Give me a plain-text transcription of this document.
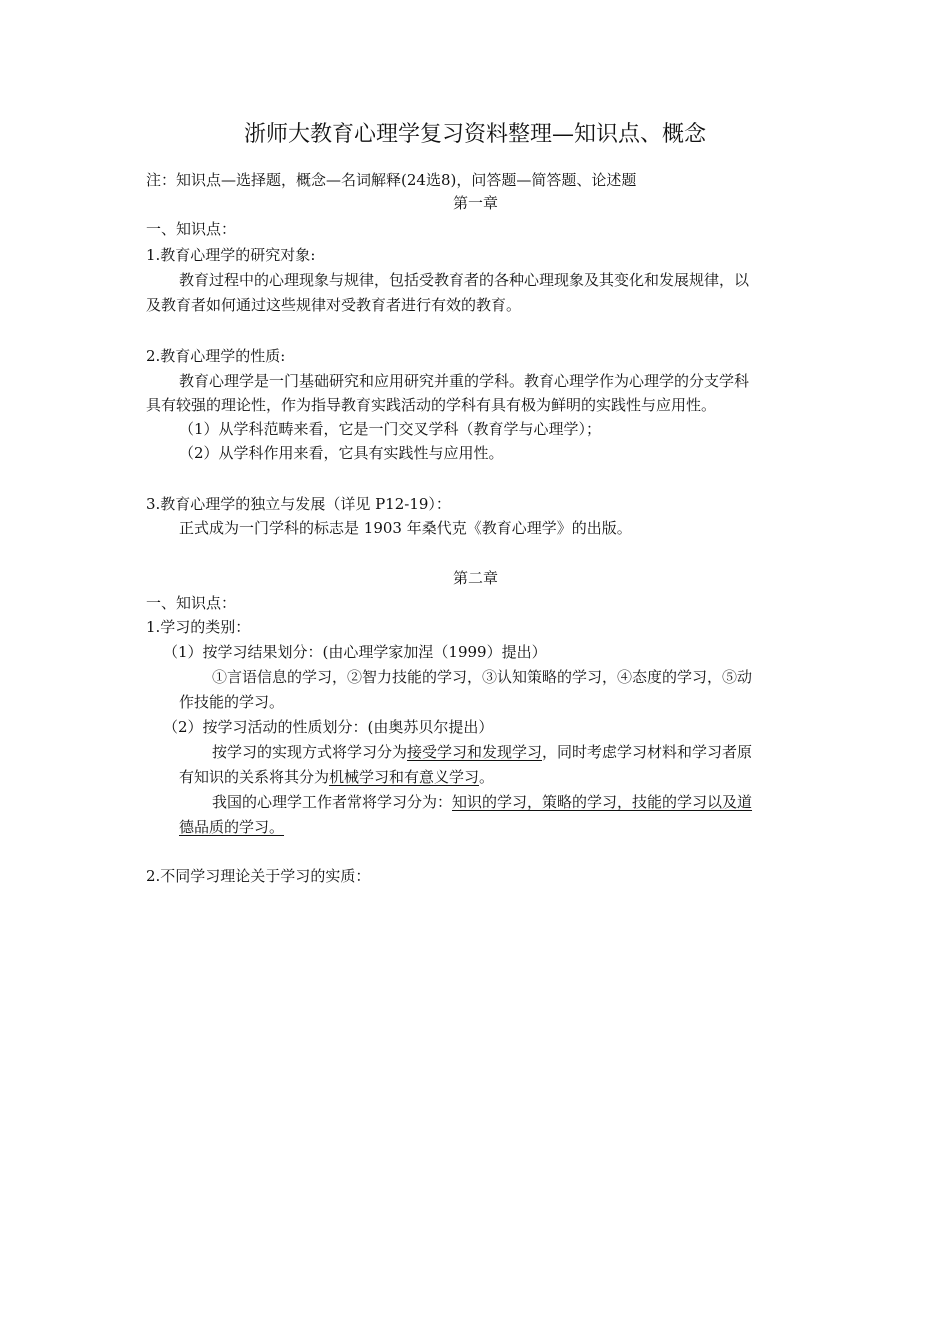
浙师大教育心理学复习资料整理—知识点、概念
注：知识点—选择题，概念—名词解释(24选8)，问答题—简答题、论述题
第一章
一、知识点：
1.教育心理学的研究对象:
教育过程中的心理现象与规律，包括受教育者的各种心理现象及其变化和发展规律，以
及教育者如何通过这些规律对受教育者进行有效的教育。
2.教育心理学的性质:
教育心理学是一门基础研究和应用研究并重的学科。教育心理学作为心理学的分支学科
具有较强的理论性，作为指导教育实践活动的学科有具有极为鲜明的实践性与应用性。
（1）从学科范畴来看，它是一门交叉学科（教育学与心理学）；
（2）从学科作用来看，它具有实践性与应用性。
3.教育心理学的独立与发展（详见 P12-19）：
正式成为一门学科的标志是 1903 年桑代克《教育心理学》的出版。
第二章
一、知识点：
1.学习的类别：
（1）按学习结果划分：(由心理学家加涅（1999）提出）
①言语信息的学习，②智力技能的学习，③认知策略的学习，④态度的学习，⑤动
作技能的学习。
（2）按学习活动的性质划分：(由奥苏贝尔提出）
按学习的实现方式将学习分为接受学习和发现学习，同时考虑学习材料和学习者原
有知识的关系将其分为机械学习和有意义学习。
我国的心理学工作者常将学习分为：知识的学习，策略的学习，技能的学习以及道
德品质的学习。
2.不同学习理论关于学习的实质：
